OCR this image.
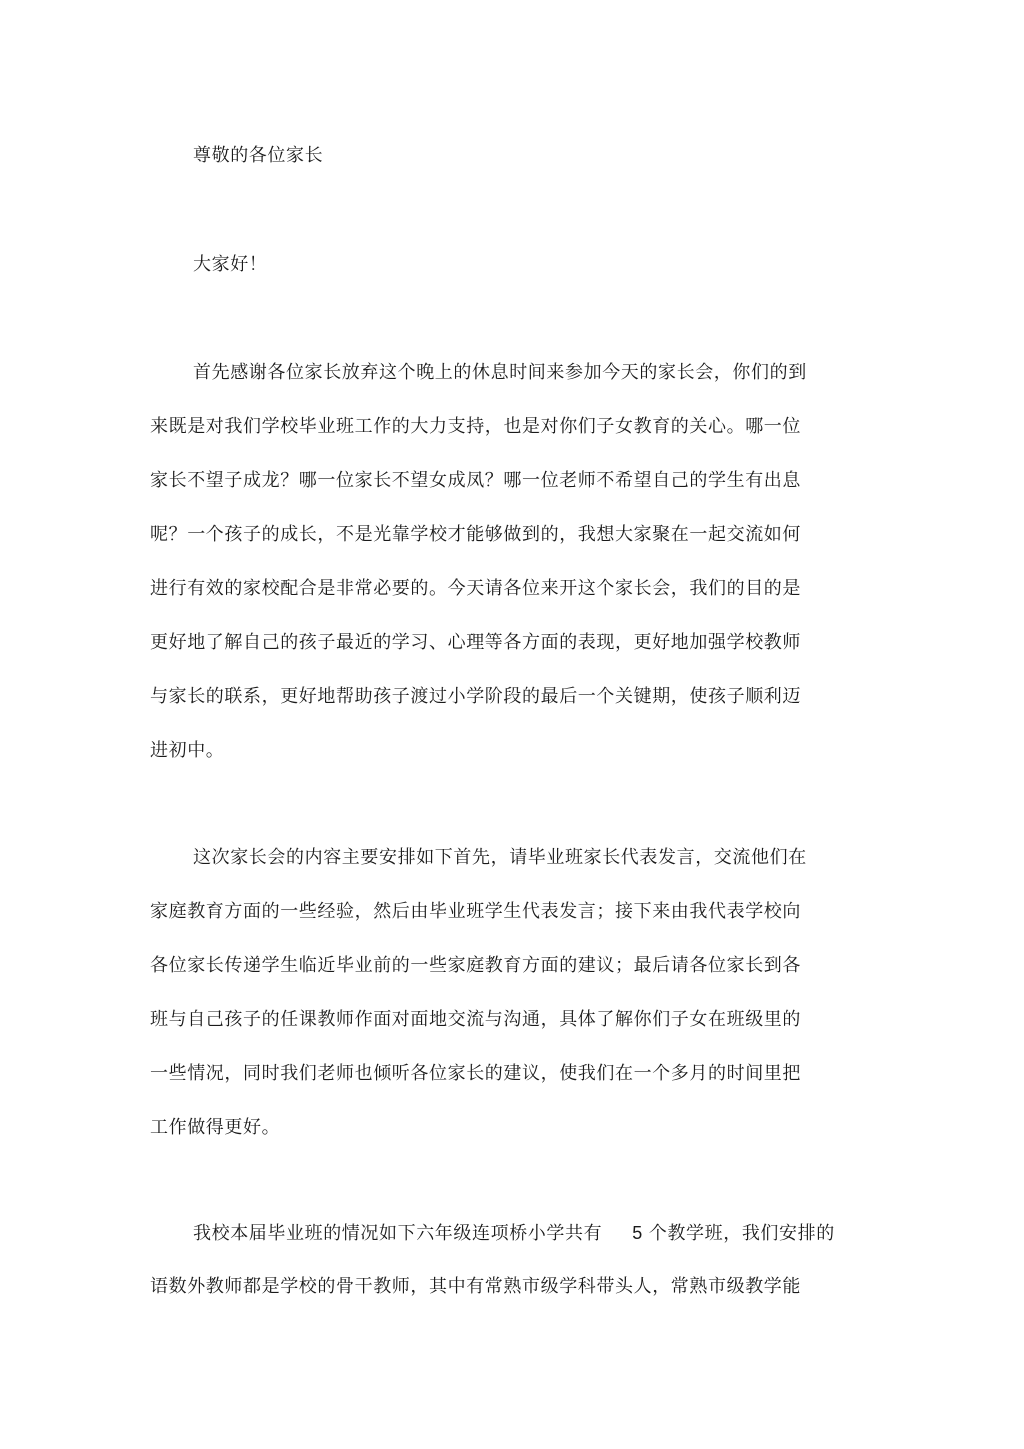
尊敬的各位家长
大家好！
首先感谢各位家长放弃这个晚上的休息时间来参加今天的家长会，你们的到
来既是对我们学校毕业班工作的大力支持，也是对你们子女教育的关心。哪一位
家长不望子成龙？哪一位家长不望女成凤？哪一位老师不希望自己的学生有出息
呢？一个孩子的成长，不是光靠学校才能够做到的，我想大家聚在一起交流如何
进行有效的家校配合是非常必要的。今天请各位来开这个家长会，我们的目的是
更好地了解自己的孩子最近的学习、心理等各方面的表现，更好地加强学校教师
与家长的联系，更好地帮助孩子渡过小学阶段的最后一个关键期，使孩子顺利迈
进初中。
这次家长会的内容主要安排如下首先，请毕业班家长代表发言，交流他们在
家庭教育方面的一些经验，然后由毕业班学生代表发言；接下来由我代表学校向
各位家长传递学生临近毕业前的一些家庭教育方面的建议；最后请各位家长到各
班与自己孩子的任课教师作面对面地交流与沟通，具体了解你们子女在班级里的
一些情况，同时我们老师也倾听各位家长的建议，使我们在一个多月的时间里把
工作做得更好。
我校本届毕业班的情况如下六年级连项桥小学共有 5 个教学班，我们安排的
语数外教师都是学校的骨干教师，其中有常熟市级学科带头人，常熟市级教学能
